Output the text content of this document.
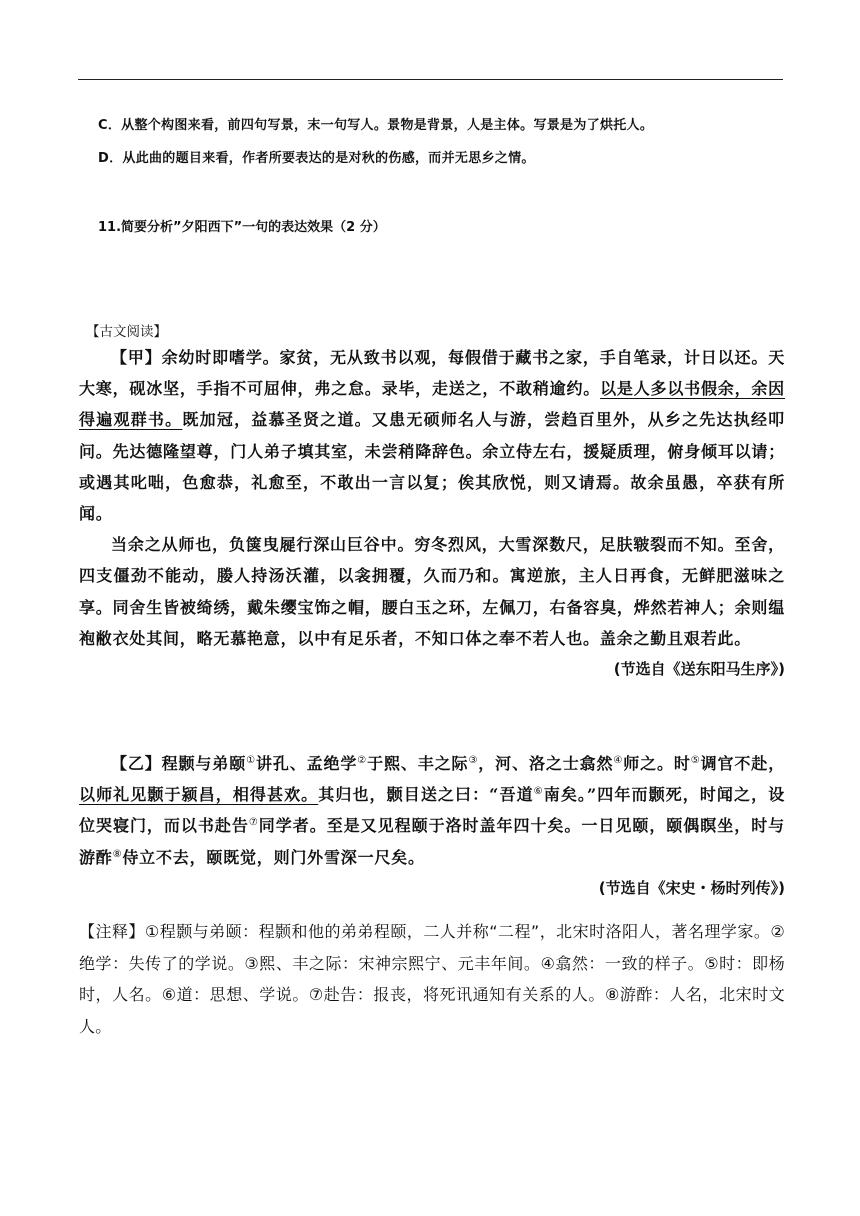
C．从整个构图来看，前四句写景，末一句写人。景物是背景，人是主体。写景是为了烘托人。
D．从此曲的题目来看，作者所要表达的是对秋的伤感，而并无思乡之情。
11.简要分析”夕阳西下”一句的表达效果（2 分）
【古文阅读】

【甲】余幼时即嗜学。家贫，无从致书以观，每假借于藏书之家，手自笔录，计日以还。天大寒，砚冰坚，手指不可屈伸，弗之怠。录毕，走送之，不敢稍逾约。以是人多以书假余，余因得遍观群书。既加冠，益慕圣贤之道。又患无硕师名人与游，尝趋百里外，从乡之先达执经叩问。先达德隆望尊，门人弟子填其室，未尝稍降辞色。余立侍左右，援疑质理，俯身倾耳以请； 或遇其叱咄，色愈恭，礼愈至，不敢出一言以复；俟其欣悦，则又请焉。故余虽愚，卒获有所闻。

当余之从师也，负箧曳屣行深山巨谷中。穷冬烈风，大雪深数尺，足肤皲裂而不知。至舍，四支僵劲不能动，媵人持汤沃灌，以衾拥覆，久而乃和。寓逆旅，主人日再食，无鲜肥滋味之享。同舍生皆被绮绣，戴朱缨宝饰之帽，腰白玉之环，左佩刀，右备容臭，烨然若神人；余则缊袍敝衣处其间，略无慕艳意，以中有足乐者，不知口体之奉不若人也。盖余之勤且艰若此。

(节选自《送东阳马生序》)

【乙】程颢与弟颐①讲孔、孟绝学②于熙、丰之际③，河、洛之士翕然④师之。时⑤调官不赴，以师礼见颢于颍昌，相得甚欢。其归也，颢目送之曰：“吾道⑥南矣。”四年而颢死，时闻之，设位哭寝门，而以书赴告⑦同学者。至是又见程颐于洛时盖年四十矣。一日见颐，颐偶瞑坐，时与游酢⑧侍立不去，颐既觉，则门外雪深一尺矣。

(节选自《宋史・杨时列传》)

【注释】①程颢与弟颐：程颢和他的弟弟程颐，二人并称“二程”，北宋时洛阳人，著名理学家。②绝学：失传了的学说。③熙、丰之际：宋神宗熙宁、元丰年间。④翕然：一致的样子。⑤时：即杨时，人名。⑥道：思想、学说。⑦赴告：报丧，将死讯通知有关系的人。⑧游酢：人名，北宋时文人。
